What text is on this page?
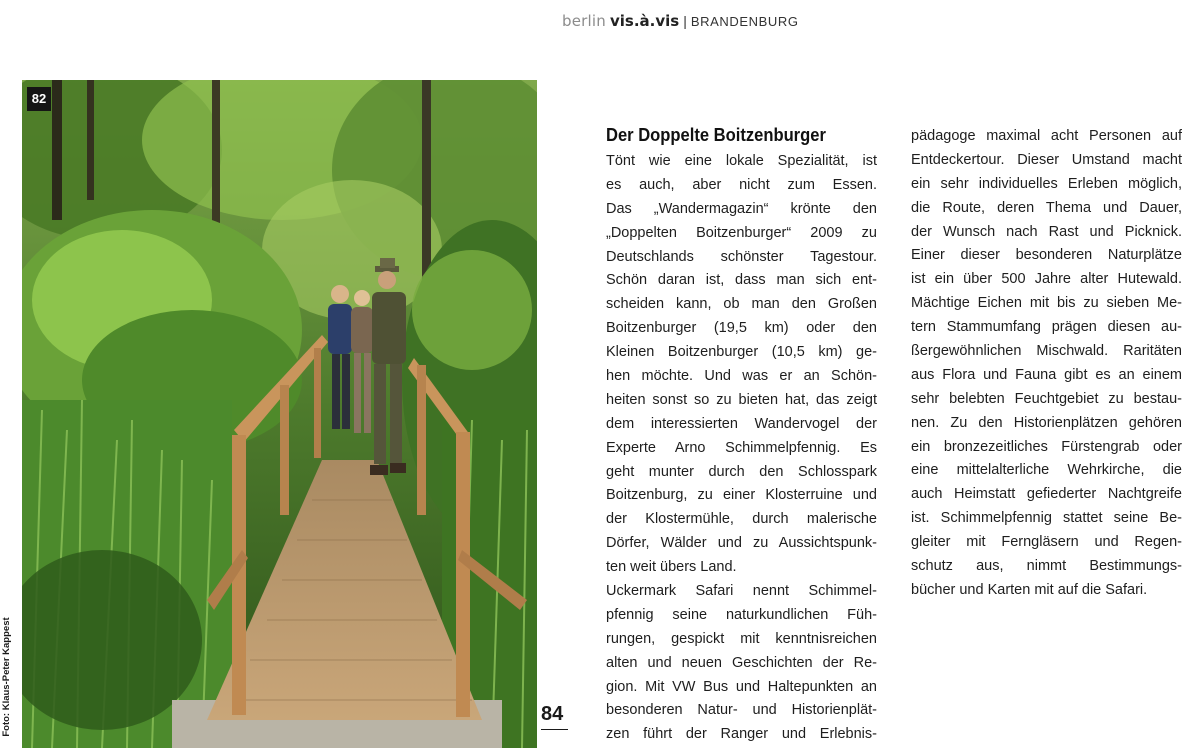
berlin vis.à.vis | BRANDENBURG
82
Foto: Klaus-Peter Kappest	84
Der Doppelte Boitzenburger
Tönt wie eine lokale Spezialität, ist
es auch, aber nicht zum Essen.
Das „Wandermagazin“ krönte den
„Doppelten Boitzenburger“ 2009 zu
Deutschlands schönster Tagestour.
Schön daran ist, dass man sich ent-
scheiden kann, ob man den Großen
Boitzenburger (19,5 km) oder den
Kleinen Boitzenburger (10,5 km) ge-
hen möchte. Und was er an Schön-
heiten sonst so zu bieten hat, das zeigt
dem interessierten Wandervogel der
Experte Arno Schimmelpfennig. Es
geht munter durch den Schlosspark
Boitzenburg, zu einer Klosterruine und
der Klostermühle, durch malerische
Dörfer, Wälder und zu Aussichtspunk-
ten weit übers Land.
Uckermark Safari nennt Schimmel-
pfennig seine naturkundlichen Füh-
rungen, gespickt mit kenntnisreichen
alten und neuen Geschichten der Re-
gion. Mit VW Bus und Haltepunkten an
besonderen Natur- und Historienplät-
zen führt der Ranger und Erlebnis-
pädagoge maximal acht Personen auf
Entdeckertour. Dieser Umstand macht
ein sehr individuelles Erleben möglich,
die Route, deren Thema und Dauer,
der Wunsch nach Rast und Picknick.
Einer dieser besonderen Naturplätze
ist ein über 500 Jahre alter Hutewald.
Mächtige Eichen mit bis zu sieben Me-
tern Stammumfang prägen diesen au-
ßergewöhnlichen Mischwald. Raritäten
aus Flora und Fauna gibt es an einem
sehr belebten Feuchtgebiet zu bestau-
nen. Zu den Historienplätzen gehören
ein bronzezeitliches Fürstengrab oder
eine mittelalterliche Wehrkirche, die
auch Heimstatt gefiederter Nachtgreife
ist. Schimmelpfennig stattet seine Be-
gleiter mit Ferngläsern und Regen-
schutz aus, nimmt Bestimmungs-
bücher und Karten mit auf die Safari.
